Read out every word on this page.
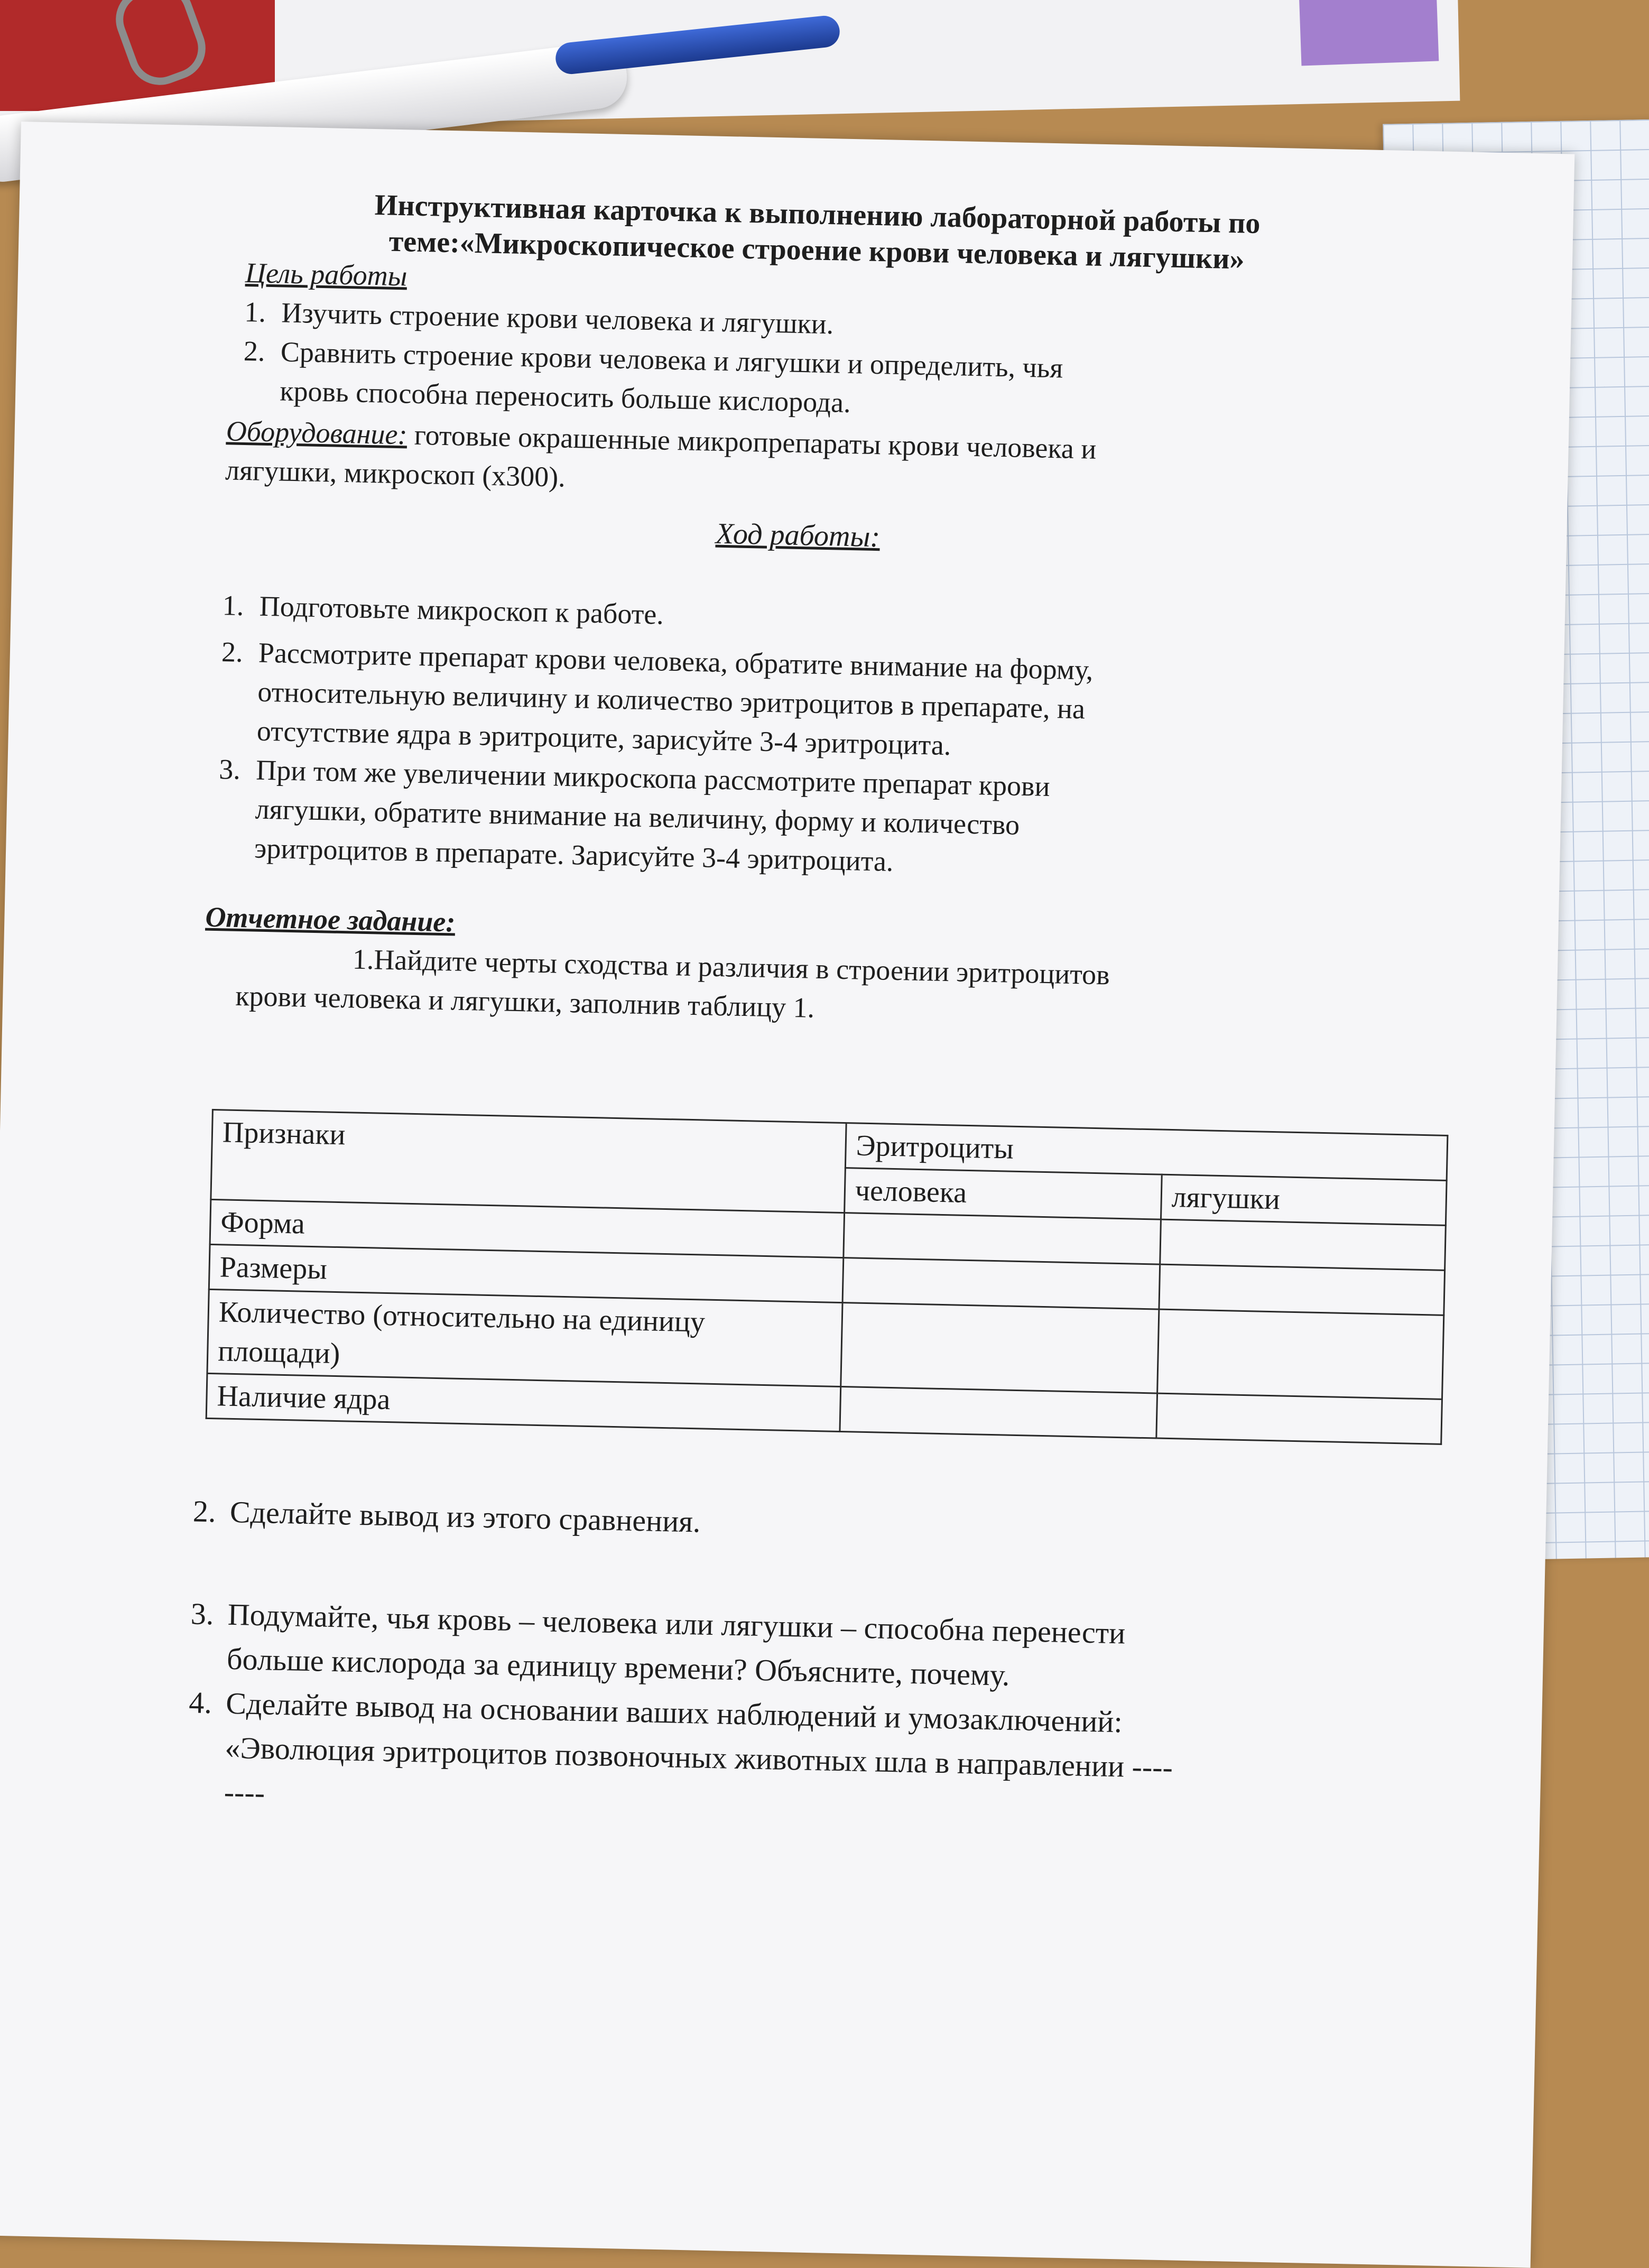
Инструктивная карточка к выполнению лабораторной работы по
теме:«Микроскопическое строение крови человека и лягушки»
Цель работы
1. Изучить строение крови человека и лягушки.
2. Сравнить строение крови человека и лягушки и определить, чья
кровь способна переносить больше кислорода.
Оборудование: готовые окрашенные микропрепараты крови человека и
лягушки, микроскоп (х300).
Ход работы:
1. Подготовьте микроскоп к работе.
2. Рассмотрите препарат крови человека, обратите внимание на форму,
относительную величину и количество эритроцитов в препарате, на
отсутствие ядра в эритроците, зарисуйте 3-4 эритроцита.
3. При том же увеличении микроскопа рассмотрите препарат крови
лягушки, обратите внимание на величину, форму и количество
эритроцитов в препарате. Зарисуйте 3-4 эритроцита.
Отчетное задание:
1.Найдите черты сходства и различия в строении эритроцитов
крови человека и лягушки, заполнив таблицу 1.
Признаки	Эритроциты	
	человека	лягушки
Форма		
Размеры		
Количество (относительно на единицу площади)		
Наличие ядра		
2. Сделайте вывод из этого сравнения.
3. Подумайте, чья кровь – человека или лягушки – способна перенести
больше кислорода за единицу времени? Объясните, почему.
4. Сделайте вывод на основании ваших наблюдений и умозаключений:
«Эволюция эритроцитов позвоночных животных шла в направлении ----
----
